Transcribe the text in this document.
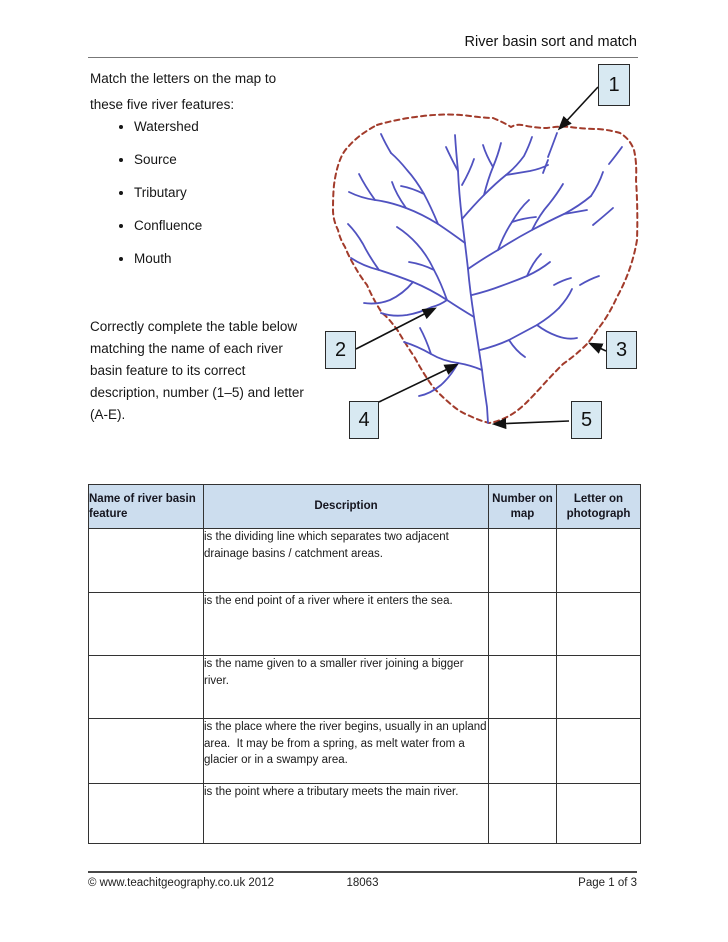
River basin sort and match
Match the letters on the map to these five river features:
• Watershed
• Source
• Tributary
• Confluence
• Mouth
Correctly complete the table below matching the name of each river basin feature to its correct description, number (1–5) and letter (A-E).
1
2	3
4	5
Name of river basin feature	Description	Number on map	Letter on photograph
	is the dividing line which separates two adjacent drainage basins / catchment areas.		
	is the end point of a river where it enters the sea.		
	is the name given to a smaller river joining a bigger river.		
	is the place where the river begins, usually in an upland area.  It may be from a spring, as melt water from a glacier or in a swampy area.		
	is the point where a tributary meets the main river.		
18063
© www.teachitgeography.co.uk 2012	Page 1 of 3
